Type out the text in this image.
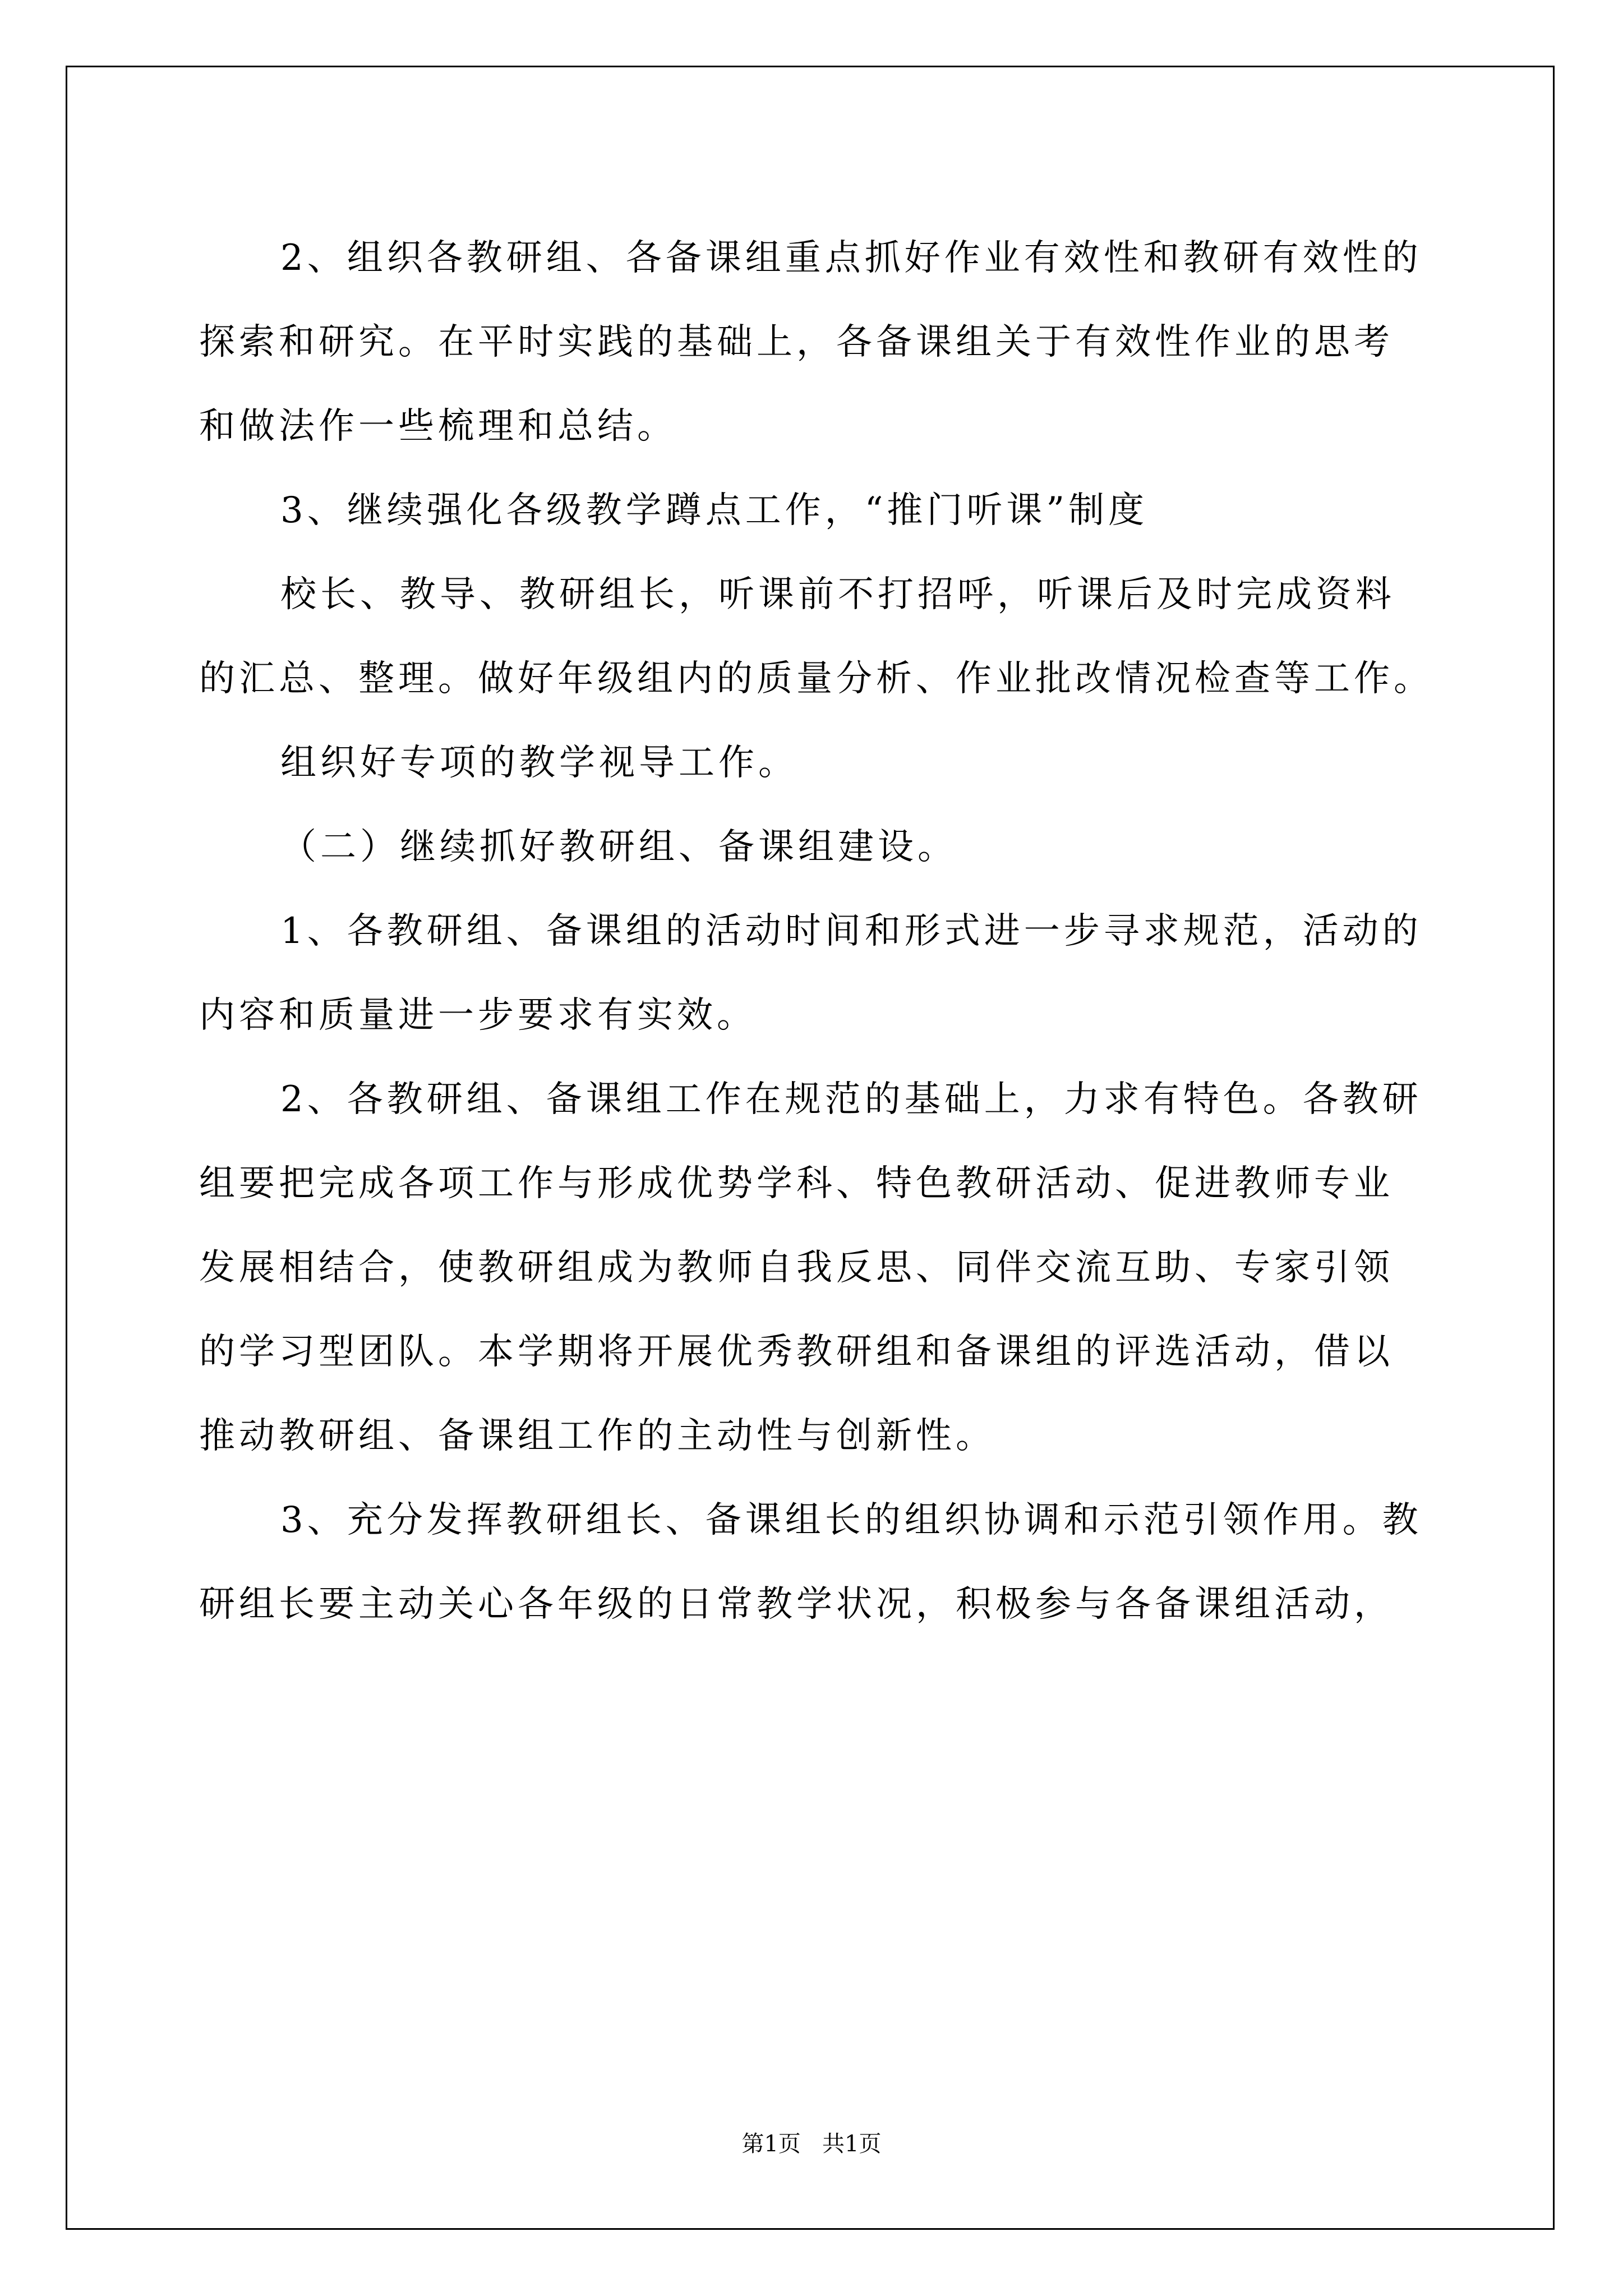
2、组织各教研组、各备课组重点抓好作业有效性和教研有效性的
探索和研究。在平时实践的基础上，各备课组关于有效性作业的思考
和做法作一些梳理和总结。
3、继续强化各级教学蹲点工作，“推门听课”制度
校长、教导、教研组长，听课前不打招呼，听课后及时完成资料
的汇总、整理。做好年级组内的质量分析、作业批改情况检查等工作。
组织好专项的教学视导工作。
（二）继续抓好教研组、备课组建设。
1、各教研组、备课组的活动时间和形式进一步寻求规范，活动的
内容和质量进一步要求有实效。
2、各教研组、备课组工作在规范的基础上，力求有特色。各教研
组要把完成各项工作与形成优势学科、特色教研活动、促进教师专业
发展相结合，使教研组成为教师自我反思、同伴交流互助、专家引领
的学习型团队。本学期将开展优秀教研组和备课组的评选活动，借以
推动教研组、备课组工作的主动性与创新性。
3、充分发挥教研组长、备课组长的组织协调和示范引领作用。教
研组长要主动关心各年级的日常教学状况，积极参与各备课组活动，
第1页   共1页
